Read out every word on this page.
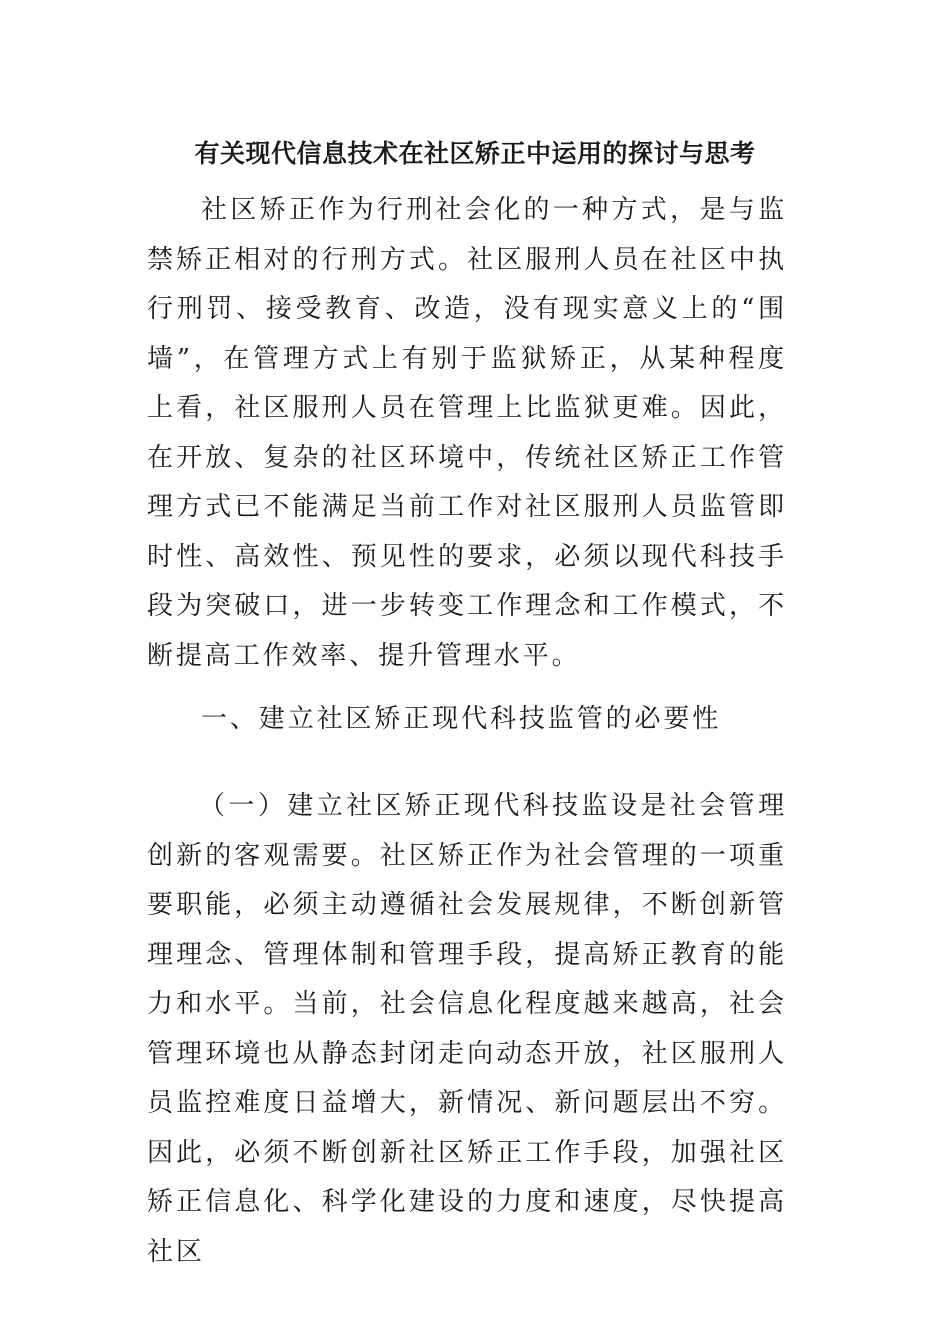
有关现代信息技术在社区矫正中运用的探讨与思考

社区矫正作为行刑社会化的一种方式，是与监禁矫正相对的行刑方式。社区服刑人员在社区中执行刑罚、接受教育、改造，没有现实意义上的“围墙”，在管理方式上有别于监狱矫正，从某种程度上看，社区服刑人员在管理上比监狱更难。因此，在开放、复杂的社区环境中，传统社区矫正工作管理方式已不能满足当前工作对社区服刑人员监管即时性、高效性、预见性的要求，必须以现代科技手段为突破口，进一步转变工作理念和工作模式，不断提高工作效率、提升管理水平。

一、建立社区矫正现代科技监管的必要性

（一）建立社区矫正现代科技监设是社会管理创新的客观需要。社区矫正作为社会管理的一项重要职能，必须主动遵循社会发展规律，不断创新管理理念、管理体制和管理手段，提高矫正教育的能力和水平。当前，社会信息化程度越来越高，社会管理环境也从静态封闭走向动态开放，社区服刑人员监控难度日益增大，新情况、新问题层出不穷。因此，必须不断创新社区矫正工作手段，加强社区矫正信息化、科学化建设的力度和速度，尽快提高社区
